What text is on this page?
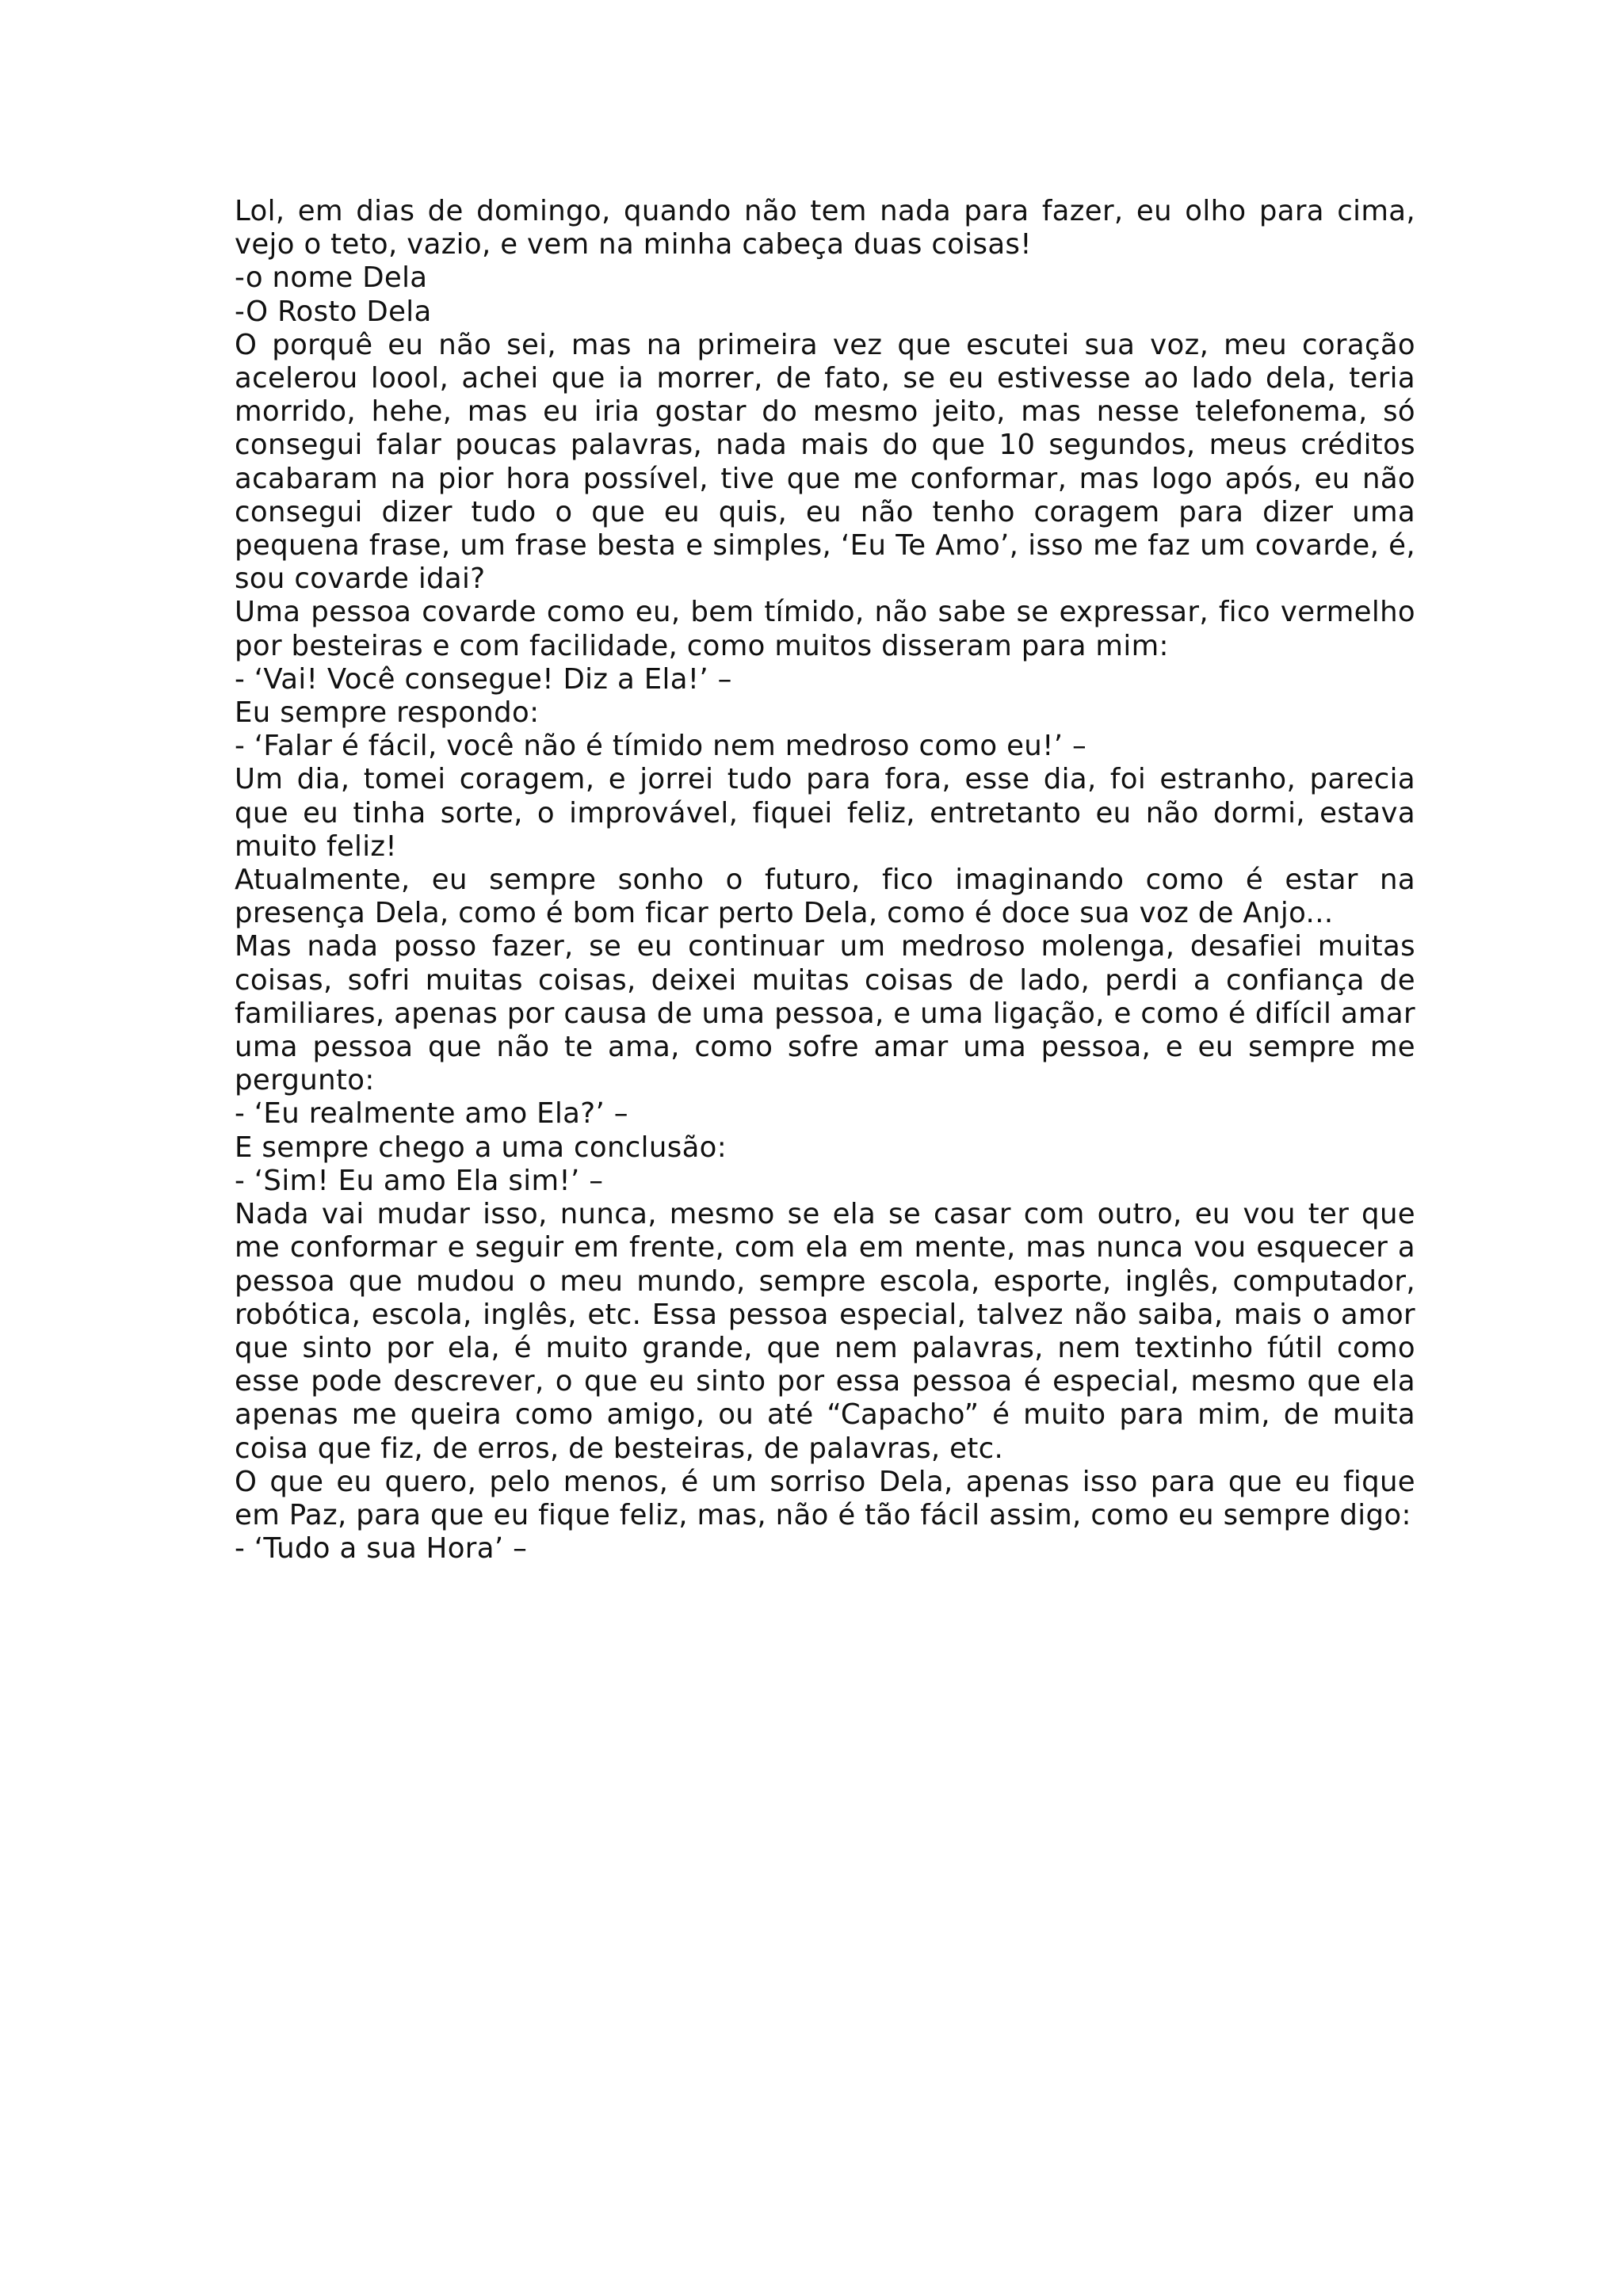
Lol, em dias de domingo, quando não tem nada para fazer, eu olho para cima, vejo o teto, vazio, e vem na minha cabeça duas coisas!

-o nome Dela

-O Rosto Dela

O porquê eu não sei, mas na primeira vez que escutei sua voz, meu coração acelerou loool, achei que ia morrer, de fato, se eu estivesse ao lado dela, teria morrido, hehe, mas eu iria gostar do mesmo jeito, mas nesse telefonema, só consegui falar poucas palavras, nada mais do que 10 segundos, meus créditos acabaram na pior hora possível, tive que me conformar, mas logo após, eu não consegui dizer tudo o que eu quis, eu não tenho coragem para dizer uma pequena frase, um frase besta e simples, ‘Eu Te Amo’, isso me faz um covarde, é, sou covarde idai?

Uma pessoa covarde como eu, bem tímido, não sabe se expressar, fico vermelho por besteiras e com facilidade, como muitos disseram para mim:

- ‘Vai! Você consegue! Diz a Ela!’ –

Eu sempre respondo:

- ‘Falar é fácil, você não é tímido nem medroso como eu!’ –

Um dia, tomei coragem, e jorrei tudo para fora, esse dia, foi estranho, parecia que eu tinha sorte, o improvável, fiquei feliz, entretanto eu não dormi, estava muito feliz!

Atualmente, eu sempre sonho o futuro, fico imaginando como é estar na presença Dela, como é bom ficar perto Dela, como é doce sua voz de Anjo...

Mas nada posso fazer, se eu continuar um medroso molenga, desafiei muitas coisas, sofri muitas coisas, deixei muitas coisas de lado, perdi a confiança de familiares, apenas por causa de uma pessoa, e uma ligação, e como é difícil amar uma pessoa que não te ama, como sofre amar uma pessoa, e eu sempre me pergunto:

- ‘Eu realmente amo Ela?’ –

E sempre chego a uma conclusão:

- ‘Sim! Eu amo Ela sim!’ –

Nada vai mudar isso, nunca, mesmo se ela se casar com outro, eu vou ter que me conformar e seguir em frente, com ela em mente, mas nunca vou esquecer a pessoa que mudou o meu mundo, sempre escola, esporte, inglês, computador, robótica, escola, inglês, etc. Essa pessoa especial, talvez não saiba, mais o amor que sinto por ela, é muito grande, que nem palavras, nem textinho fútil como esse pode descrever, o que eu sinto por essa pessoa é especial, mesmo que ela apenas me queira como amigo, ou até “Capacho” é muito para mim, de muita coisa que fiz, de erros, de besteiras, de palavras, etc.

O que eu quero, pelo menos, é um sorriso Dela, apenas isso para que eu fique em Paz, para que eu fique feliz, mas, não é tão fácil assim, como eu sempre digo:

- ‘Tudo a sua Hora’ –
